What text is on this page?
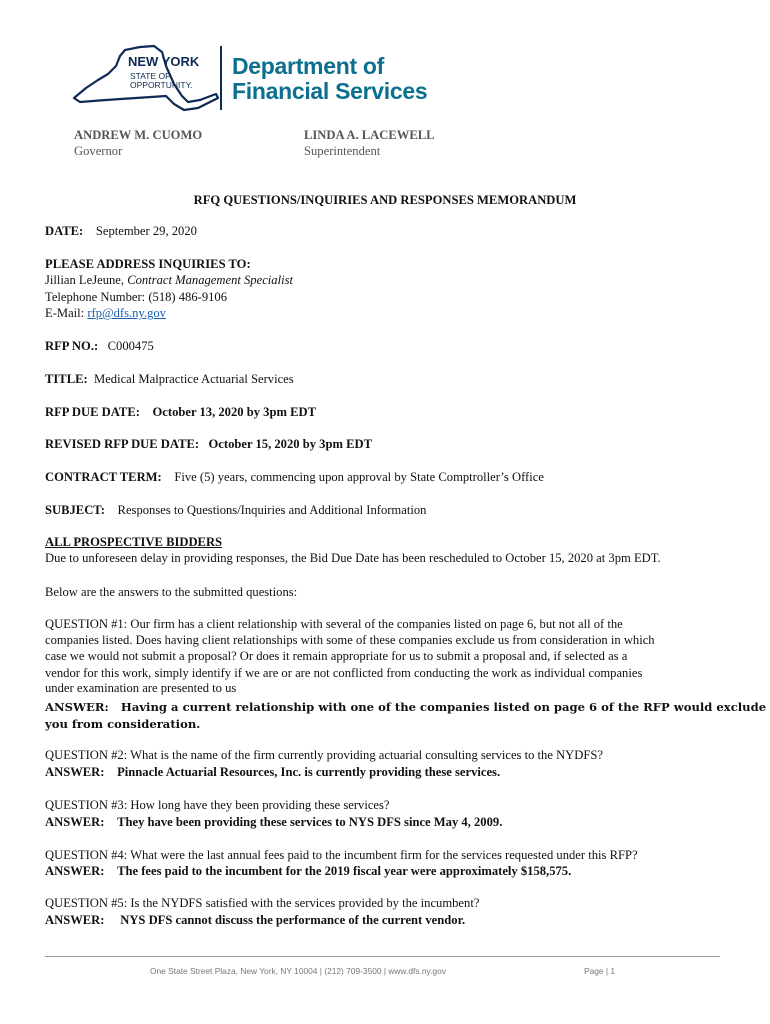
NEW YORK
STATE OF
OPPORTUNITY.
Department of
Financial Services
ANDREW M. CUOMO
Governor
LINDA A. LACEWELL
Superintendent
RFQ QUESTIONS/INQUIRIES AND RESPONSES MEMORANDUM
DATE: September 29, 2020
PLEASE ADDRESS INQUIRIES TO:
Jillian LeJeune, Contract Management Specialist
Telephone Number: (518) 486-9106
E-Mail: rfp@dfs.ny.gov
RFP NO.: C000475
TITLE: Medical Malpractice Actuarial Services
RFP DUE DATE: October 13, 2020 by 3pm EDT
REVISED RFP DUE DATE: October 15, 2020 by 3pm EDT
CONTRACT TERM: Five (5) years, commencing upon approval by State Comptroller’s Office
SUBJECT: Responses to Questions/Inquiries and Additional Information
ALL PROSPECTIVE BIDDERS
Due to unforeseen delay in providing responses, the Bid Due Date has been rescheduled to October 15, 2020 at 3pm EDT.
Below are the answers to the submitted questions:
QUESTION #1: Our firm has a client relationship with several of the companies listed on page 6, but not all of the
companies listed. Does having client relationships with some of these companies exclude us from consideration in which
case we would not submit a proposal? Or does it remain appropriate for us to submit a proposal and, if selected as a
vendor for this work, simply identify if we are or are not conflicted from conducting the work as individual companies
under examination are presented to us
ANSWER: Having a current relationship with one of the companies listed on page 6 of the RFP would exclude
you from consideration.
QUESTION #2: What is the name of the firm currently providing actuarial consulting services to the NYDFS?
ANSWER: Pinnacle Actuarial Resources, Inc. is currently providing these services.
QUESTION #3: How long have they been providing these services?
ANSWER: They have been providing these services to NYS DFS since May 4, 2009.
QUESTION #4: What were the last annual fees paid to the incumbent firm for the services requested under this RFP?
ANSWER: The fees paid to the incumbent for the 2019 fiscal year were approximately $158,575.
QUESTION #5: Is the NYDFS satisfied with the services provided by the incumbent?
ANSWER: NYS DFS cannot discuss the performance of the current vendor.
One State Street Plaza, New York, NY 10004 | (212) 709-3500 | www.dfs.ny.gov	Page | 1
